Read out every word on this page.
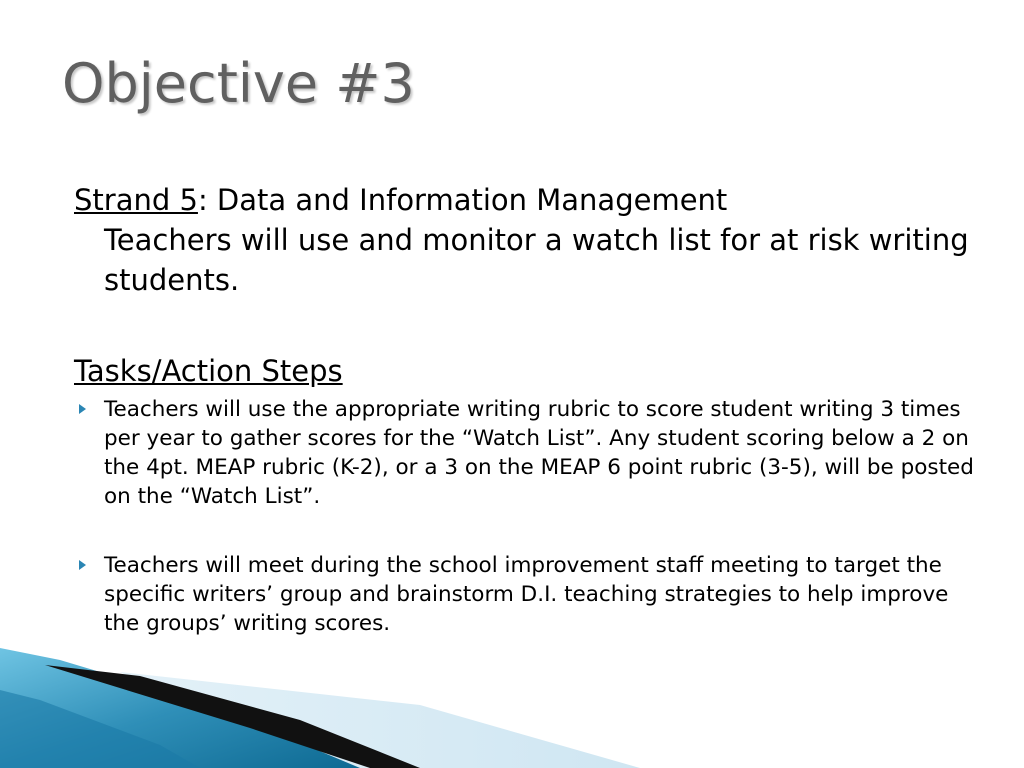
Objective #3
Strand 5: Data and Information Management
Teachers will use and monitor a watch list for at risk writing students.
Tasks/Action Steps
Teachers will use the appropriate writing rubric to score student writing 3 times per year to gather scores for the “Watch List”. Any student scoring below a 2 on the 4pt. MEAP rubric (K-2), or a 3 on the MEAP 6 point rubric (3-5), will be posted on the “Watch List”.
Teachers will meet during the school improvement staff meeting to target the specific writers’ group and brainstorm D.I. teaching strategies to help improve the groups’ writing scores.
